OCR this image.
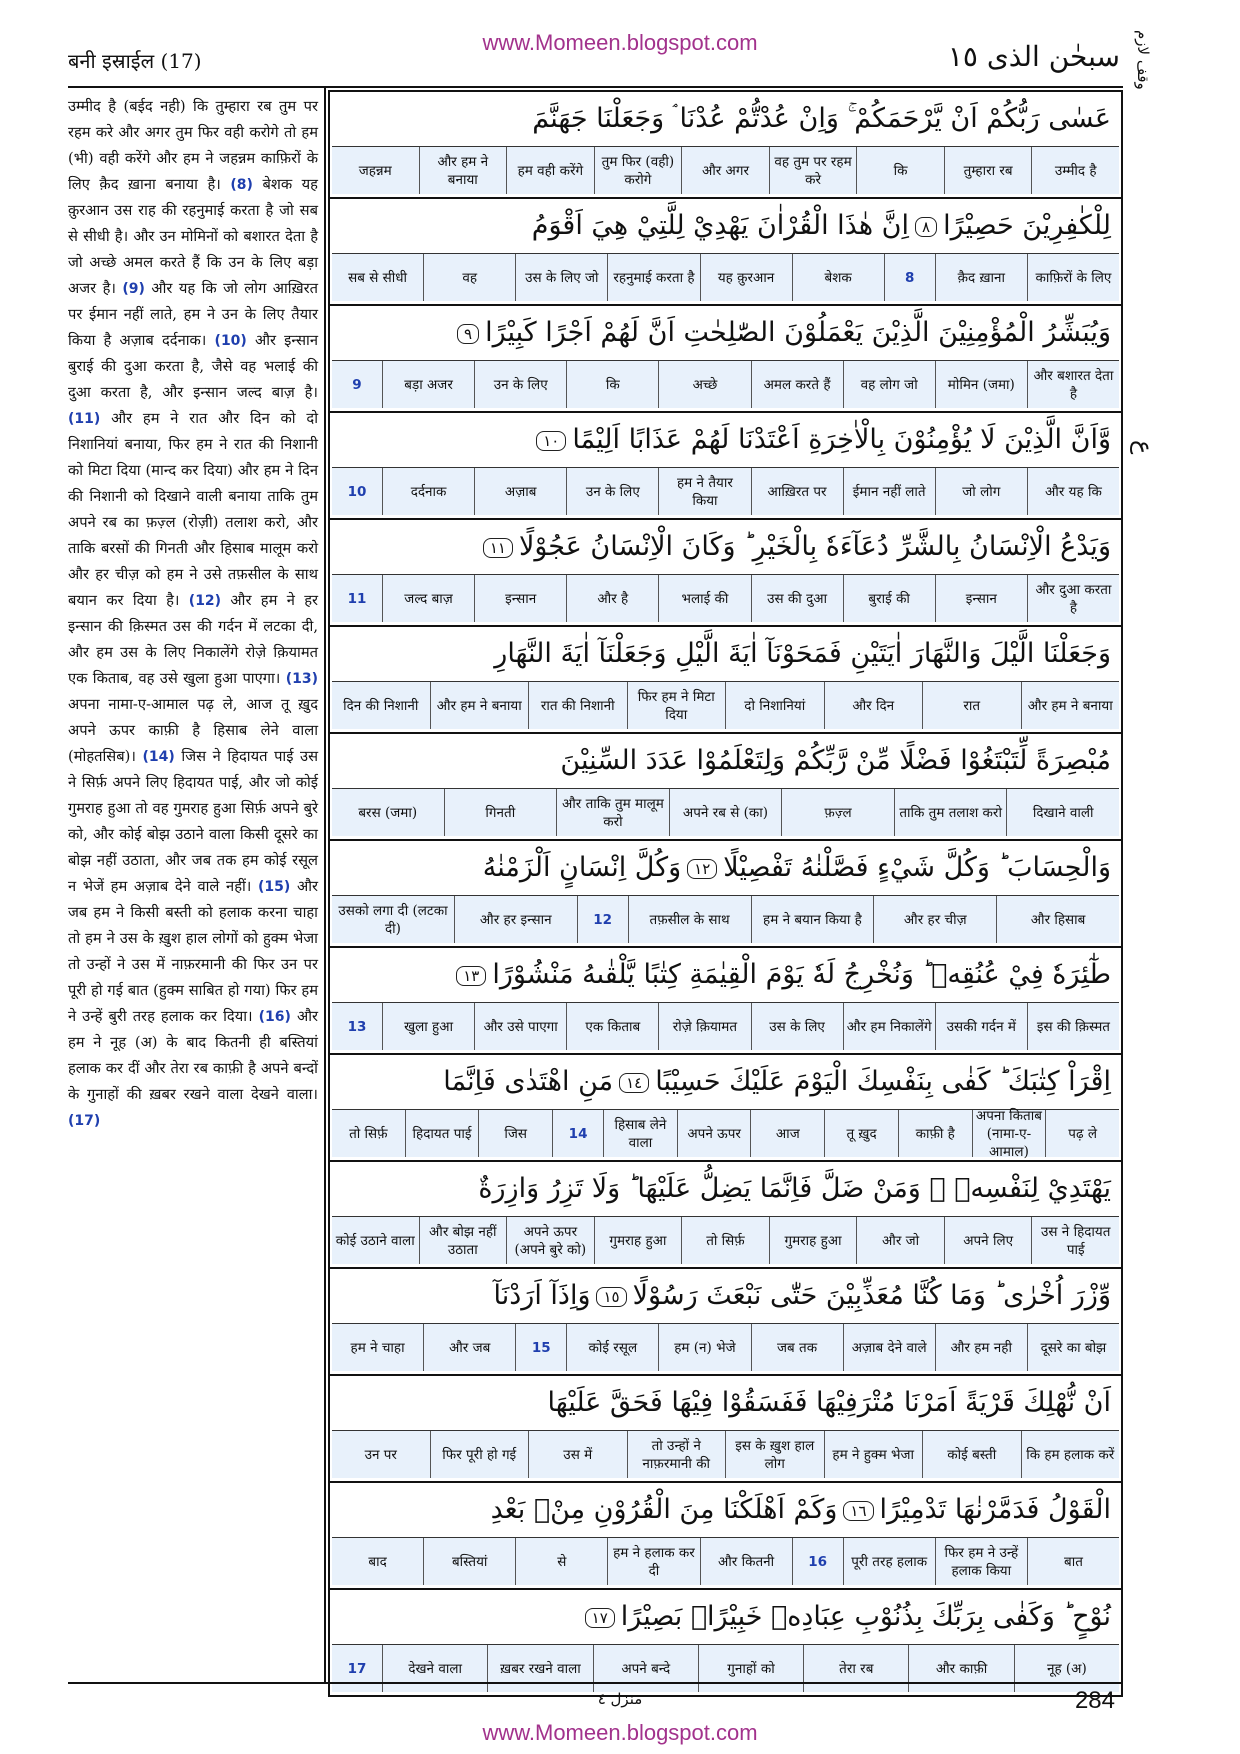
www.Momeen.blogspot.com
बनी इस्राईल (17)	سبحٰن الذی ١٥ وقف لازم
ع

उम्मीद है (बईद नही) कि तुम्हारा रब तुम पर रहम करे और अगर तुम फिर वही करोगे तो हम (भी) वही करेंगे और हम ने जहन्नम काफ़िरों के लिए क़ैद ख़ाना बनाया है। (8) बेशक यह क़ुरआन उस राह की रहनुमाई करता है जो सब से सीधी है। और उन मोमिनों को बशारत देता है जो अच्छे अमल करते हैं कि उन के लिए बड़ा अजर है। (9) और यह कि जो लोग आख़िरत पर ईमान नहीं लाते, हम ने उन के लिए तैयार किया है अज़ाब दर्दनाक। (10) और इन्सान बुराई की दुआ करता है, जैसे वह भलाई की दुआ करता है, और इन्सान जल्द बाज़ है। (11) और हम ने रात और दिन को दो निशानियां बनाया, फिर हम ने रात की निशानी को मिटा दिया (मान्द कर दिया) और हम ने दिन की निशानी को दिखाने वाली बनाया ताकि तुम अपने रब का फ़ज़्ल (रोज़ी) तलाश करो, और ताकि बरसों की गिनती और हिसाब मालूम करो और हर चीज़ को हम ने उसे तफ़सील के साथ बयान कर दिया है। (12) और हम ने हर इन्सान की क़िस्मत उस की गर्दन में लटका दी, और हम उस के लिए निकालेंगे रोज़े क़ियामत एक किताब, वह उसे खुला हुआ पाएगा। (13)

अपना नामा-ए-आमाल पढ़ ले, आज तू ख़ुद अपने ऊपर काफ़ी है हिसाब लेने वाला (मोहतसिब)। (14) जिस ने हिदायत पाई उस ने सिर्फ़ अपने लिए हिदायत पाई, और जो कोई गुमराह हुआ तो वह गुमराह हुआ सिर्फ़ अपने बुरे को, और कोई बोझ उठाने वाला किसी दूसरे का बोझ नहीं उठाता, और जब तक हम कोई रसूल न भेजें हम अज़ाब देने वाले नहीं। (15) और जब हम ने किसी बस्ती को हलाक करना चाहा तो हम ने उस के ख़ुश हाल लोगों को हुक्म भेजा तो उन्हों ने उस में नाफ़रमानी की फिर उन पर पूरी हो गई बात (हुक्म साबित हो गया) फिर हम ने उन्हें बुरी तरह हलाक कर दिया। (16) और हम ने नूह (अ) के बाद कितनी ही बस्तियां हलाक कर दीं और तेरा रब काफ़ी है अपने बन्दों के गुनाहों की ख़बर रखने वाला देखने वाला। (17)

عَسٰى رَبُّكُمْ اَنْ يَّرْحَمَكُمْ ۚ وَاِنْ عُدْتُّمْ عُدْنَا ۘ وَجَعَلْنَا جَهَنَّمَ
उम्मीद है
तुम्हारा रब
कि
वह तुम पर रहम करे
और अगर
तुम फिर (वही) करोगे
हम वही करेंगे
और हम ने बनाया
जहन्नम
لِلْكٰفِرِيْنَ حَصِيْرًا٨اِنَّ هٰذَا الْقُرْاٰنَ يَهْدِيْ لِلَّتِيْ هِيَ اَقْوَمُ
काफ़िरों के लिए
क़ैद ख़ाना
8
बेशक
यह क़ुरआन
रहनुमाई करता है
उस के लिए जो
वह
सब से सीधी
وَيُبَشِّرُ الْمُؤْمِنِيْنَ الَّذِيْنَ يَعْمَلُوْنَ الصّٰلِحٰتِ اَنَّ لَهُمْ اَجْرًا كَبِيْرًا٩
और बशारत देता है
मोमिन (जमा)
वह लोग जो
अमल करते हैं
अच्छे
कि
उन के लिए
बड़ा अजर
9
وَّاَنَّ الَّذِيْنَ لَا يُؤْمِنُوْنَ بِالْاٰخِرَةِ اَعْتَدْنَا لَهُمْ عَذَابًا اَلِيْمًا١٠
और यह कि
जो लोग
ईमान नहीं लाते
आख़िरत पर
हम ने तैयार किया
उन के लिए
अज़ाब
दर्दनाक
10
وَيَدْعُ الْاِنْسَانُ بِالشَّرِّ دُعَآءَهٗ بِالْخَيْرِ ؕ وَكَانَ الْاِنْسَانُ عَجُوْلًا١١
और दुआ करता है
इन्सान
बुराई की
उस की दुआ
भलाई की
और है
इन्सान
जल्द बाज़
11
وَجَعَلْنَا الَّيْلَ وَالنَّهَارَ اٰيَتَيْنِ فَمَحَوْنَآ اٰيَةَ الَّيْلِ وَجَعَلْنَآ اٰيَةَ النَّهَارِ
और हम ने बनाया
रात
और दिन
दो निशानियां
फिर हम ने मिटा दिया
रात की निशानी
और हम ने बनाया
दिन की निशानी
مُبْصِرَةً لِّتَبْتَغُوْا فَضْلًا مِّنْ رَّبِّكُمْ وَلِتَعْلَمُوْا عَدَدَ السِّنِيْنَ
दिखाने वाली
ताकि तुम तलाश करो
फ़ज़्ल
अपने रब से (का)
और ताकि तुम मालूम करो
गिनती
बरस (जमा)
وَالْحِسَابَ ؕ وَكُلَّ شَيْءٍ فَصَّلْنٰهُ تَفْصِيْلًا١٢وَكُلَّ اِنْسَانٍ اَلْزَمْنٰهُ
और हिसाब
और हर चीज़
हम ने बयान किया है
तफ़सील के साथ
12
और हर इन्सान
उसको लगा दी (लटका दी)
طٰٓئِرَهٗ فِيْ عُنُقِهٖ ؕ وَنُخْرِجُ لَهٗ يَوْمَ الْقِيٰمَةِ كِتٰبًا يَّلْقٰىهُ مَنْشُوْرًا١٣
इस की क़िस्मत
उसकी गर्दन में
और हम निकालेंगे
उस के लिए
रोज़े क़ियामत
एक किताब
और उसे पाएगा
खुला हुआ
13
اِقْرَاْ كِتٰبَكَ ؕ كَفٰى بِنَفْسِكَ الْيَوْمَ عَلَيْكَ حَسِيْبًا١٤مَنِ اهْتَدٰى فَاِنَّمَا
पढ़ ले
अपना किताब (नामा-ए-आमाल)
काफ़ी है
तू ख़ुद
आज
अपने ऊपर
हिसाब लेने वाला
14
जिस
हिदायत पाई
तो सिर्फ़
يَهْتَدِيْ لِنَفْسِهٖ ۚ وَمَنْ ضَلَّ فَاِنَّمَا يَضِلُّ عَلَيْهَا ؕ وَلَا تَزِرُ وَازِرَةٌ
उस ने हिदायत पाई
अपने लिए
और जो
गुमराह हुआ
तो सिर्फ़
गुमराह हुआ
अपने ऊपर (अपने बुरे को)
और बोझ नहीं उठाता
कोई उठाने वाला
وِّزْرَ اُخْرٰى ؕ وَمَا كُنَّا مُعَذِّبِيْنَ حَتّٰى نَبْعَثَ رَسُوْلًا١٥وَاِذَآ اَرَدْنَآ
दूसरे का बोझ
और हम नही
अज़ाब देने वाले
जब तक
हम (न) भेजे
कोई रसूल
15
और जब
हम ने चाहा
اَنْ نُّهْلِكَ قَرْيَةً اَمَرْنَا مُتْرَفِيْهَا فَفَسَقُوْا فِيْهَا فَحَقَّ عَلَيْهَا
कि हम हलाक करें
कोई बस्ती
हम ने हुक्म भेजा
इस के ख़ुश हाल लोग
तो उन्हों ने नाफ़रमानी की
उस में
फिर पूरी हो गई
उन पर
الْقَوْلُ فَدَمَّرْنٰهَا تَدْمِيْرًا١٦وَكَمْ اَهْلَكْنَا مِنَ الْقُرُوْنِ مِنْۢ بَعْدِ
बात
फिर हम ने उन्हें हलाक किया
पूरी तरह हलाक
16
और कितनी
हम ने हलाक कर दी
से
बस्तियां
बाद
نُوْحٍ ؕ وَكَفٰى بِرَبِّكَ بِذُنُوْبِ عِبَادِهٖ خَبِيْرًاۢ بَصِيْرًا١٧
नूह (अ)
और काफ़ी
तेरा रब
गुनाहों को
अपने बन्दे
ख़बर रखने वाला
देखने वाला
17
منزل ٤	284
www.Momeen.blogspot.com
